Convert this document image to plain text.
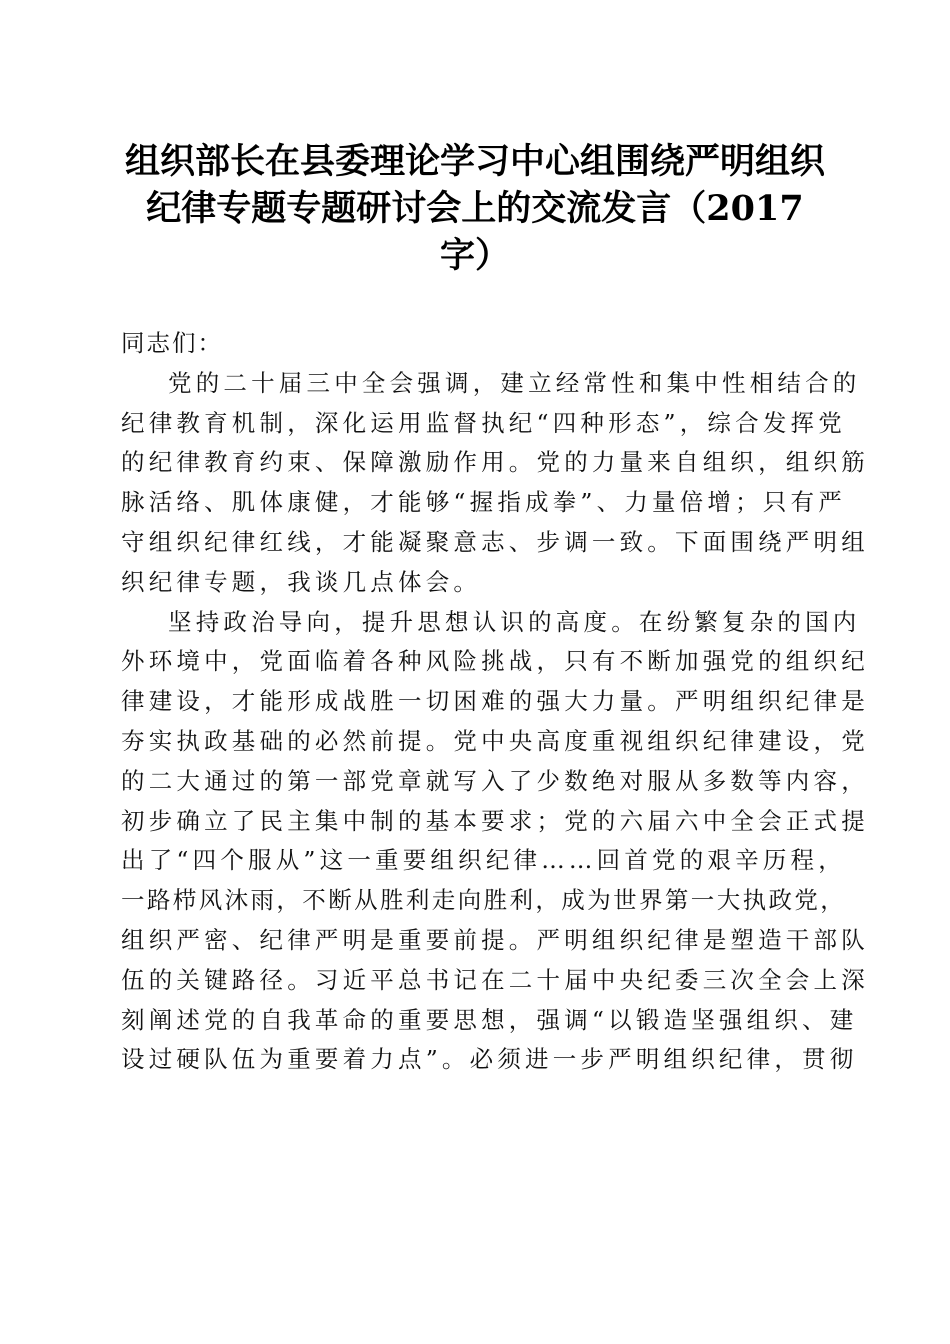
组织部长在县委理论学习中心组围绕严明组织
纪律专题专题研讨会上的交流发言（2017
字）
同志们：
党的二十届三中全会强调，建立经常性和集中性相结合的
纪律教育机制，深化运用监督执纪“四种形态”，综合发挥党
的纪律教育约束、保障激励作用。党的力量来自组织，组织筋
脉活络、肌体康健，才能够“握指成拳”、力量倍增；只有严
守组织纪律红线，才能凝聚意志、步调一致。下面围绕严明组
织纪律专题，我谈几点体会。
坚持政治导向，提升思想认识的高度。在纷繁复杂的国内
外环境中，党面临着各种风险挑战，只有不断加强党的组织纪
律建设，才能形成战胜一切困难的强大力量。严明组织纪律是
夯实执政基础的必然前提。党中央高度重视组织纪律建设，党
的二大通过的第一部党章就写入了少数绝对服从多数等内容，
初步确立了民主集中制的基本要求；党的六届六中全会正式提
出了“四个服从”这一重要组织纪律……回首党的艰辛历程，
一路栉风沐雨，不断从胜利走向胜利，成为世界第一大执政党，
组织严密、纪律严明是重要前提。严明组织纪律是塑造干部队
伍的关键路径。习近平总书记在二十届中央纪委三次全会上深
刻阐述党的自我革命的重要思想，强调“以锻造坚强组织、建
设过硬队伍为重要着力点”。必须进一步严明组织纪律，贯彻
